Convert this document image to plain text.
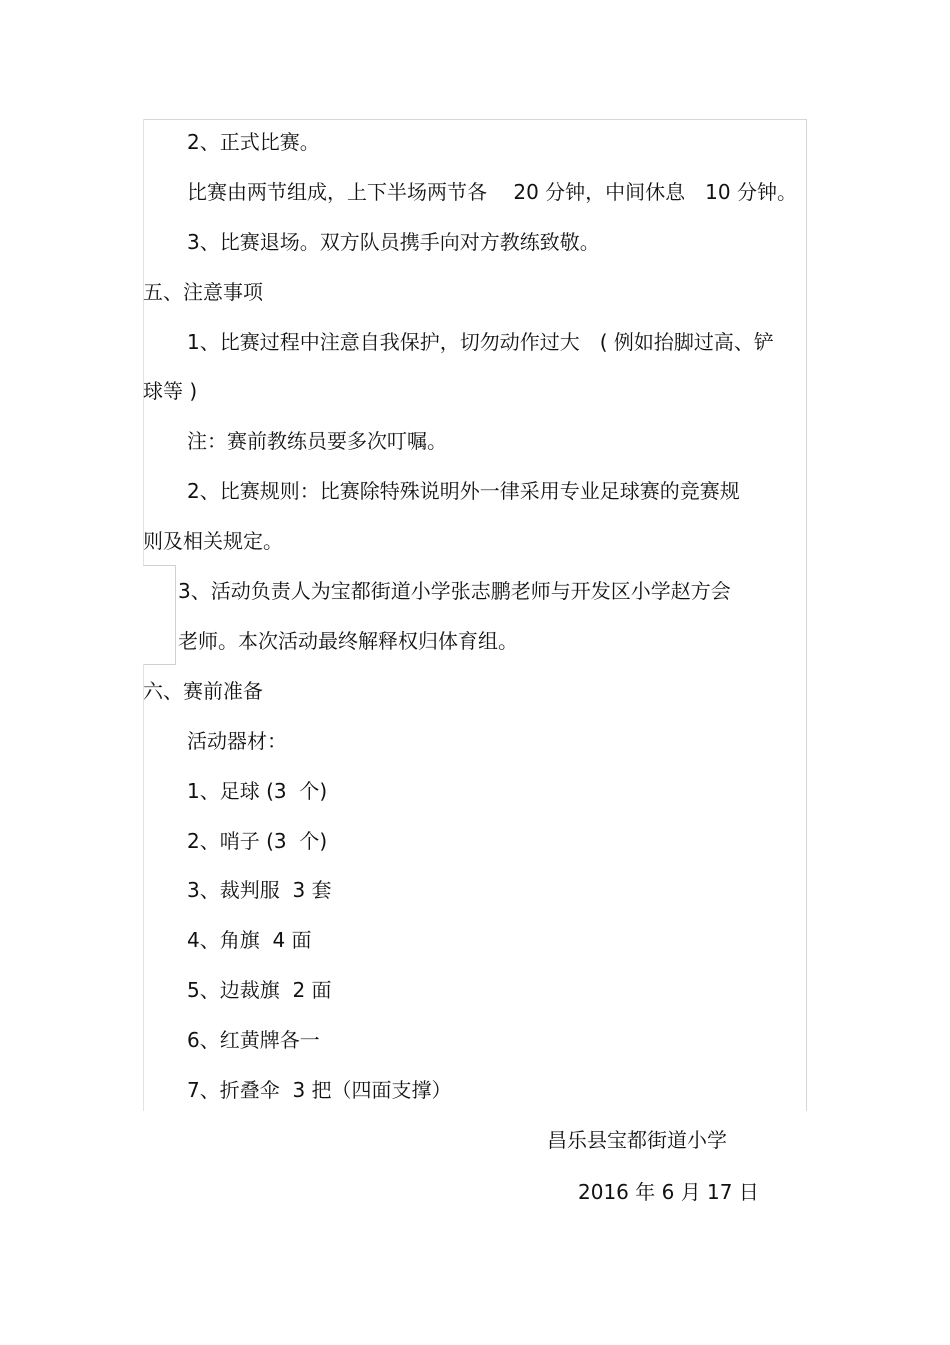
2、正式比赛。

比赛由两节组成，上下半场两节各　 20 分钟，中间休息　10 分钟。

3、比赛退场。双方队员携手向对方教练致敬。

五、注意事项

1、比赛过程中注意自我保护，切勿动作过大　( 例如抬脚过高、铲

球等 )

注：赛前教练员要多次叮嘱。

2、比赛规则：比赛除特殊说明外一律采用专业足球赛的竞赛规

则及相关规定。

3、活动负责人为宝都街道小学张志鹏老师与开发区小学赵方会

老师。本次活动最终解释权归体育组。

六、赛前准备

活动器材：

1、足球 (3  个)

2、哨子 (3  个)

3、裁判服  3 套

4、角旗  4 面

5、边裁旗  2 面

6、红黄牌各一

7、折叠伞  3 把（四面支撑）

昌乐县宝都街道小学

2016 年 6 月 17 日
